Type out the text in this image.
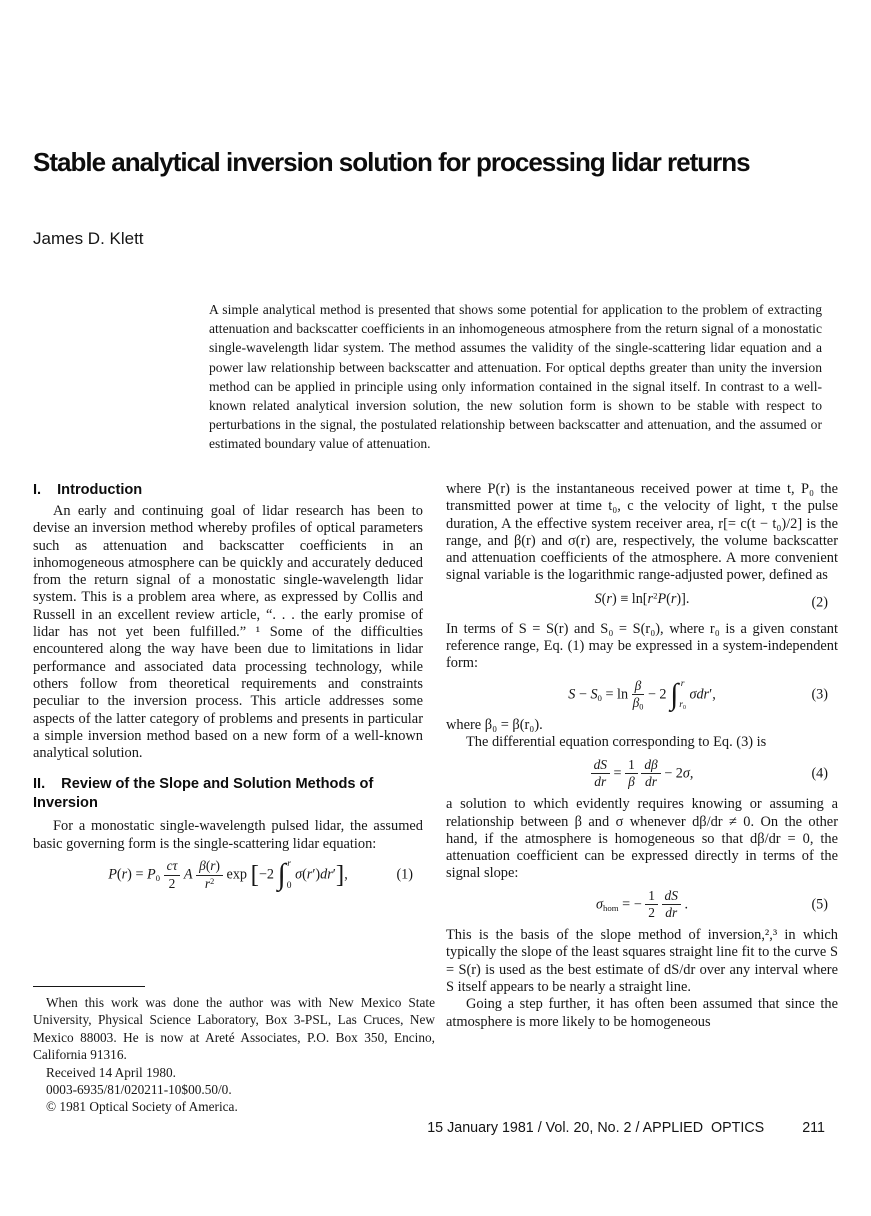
Stable analytical inversion solution for processing lidar returns
James D. Klett

A simple analytical method is presented that shows some potential for application to the problem of extracting attenuation and backscatter coefficients in an inhomogeneous atmosphere from the return signal of a monostatic single-wavelength lidar system. The method assumes the validity of the single-scattering lidar equation and a power law relationship between backscatter and attenuation. For optical depths greater than unity the inversion method can be applied in principle using only information contained in the signal itself. In contrast to a well-known related analytical inversion solution, the new solution form is shown to be stable with respect to perturbations in the signal, the postulated relationship between backscatter and attenuation, and the assumed or estimated boundary value of attenuation.

I. Introduction

An early and continuing goal of lidar research has been to devise an inversion method whereby profiles of optical parameters such as attenuation and backscatter coefficients in an inhomogeneous atmosphere can be quickly and accurately deduced from the return signal of a monostatic single-wavelength lidar system. This is a problem area where, as expressed by Collis and Russell in an excellent review article, “. . . the early promise of lidar has not yet been fulfilled.” ¹ Some of the difficulties encountered along the way have been due to limitations in lidar performance and associated data processing technology, while others follow from theoretical requirements and constraints peculiar to the inversion process. This article addresses some aspects of the latter category of problems and presents in particular a simple inversion method based on a new form of a well-known analytical solution.

II. Review of the Slope and Solution Methods of Inversion

For a monostatic single-wavelength pulsed lidar, the assumed basic governing form is the single-scattering lidar equation:

$P(r) = P_0 \frac{c\tau}{2}$ A $\frac{\beta(r)}{r^2}$ exp [−2 ∫ r
0
σ(r′)dr′],	(1)

When this work was done the author was with New Mexico State University, Physical Science Laboratory, Box 3-PSL, Las Cruces, New Mexico 88003. He is now at Areté Associates, P.O. Box 350, Encino, California 91316.

Received 14 April 1980.

0003-6935/81/020211-10$00.50/0.

© 1981 Optical Society of America.

where P(r) is the instantaneous received power at time t, P₀ the transmitted power at time t₀, c the velocity of light, τ the pulse duration, A the effective system receiver area, r[= c(t − t₀)/2] is the range, and β(r) and σ(r) are, respectively, the volume backscatter and attenuation coefficients of the atmosphere. A more convenient signal variable is the logarithmic range-adjusted power, defined as

$S(r) \equiv \ln[r^2P(r)]$.	(2)

In terms of S = S(r) and S₀ = S(r₀), where r₀ is a given constant reference range, Eq. (1) may be expressed in a system-independent form:

$S - S_0 = \ln \frac{\beta}{\beta_0} - 2$ ∫ r
$r_0$
σdr′,	(3)

where β₀ = β(r₀).

The differential equation corresponding to Eq. (3) is

$\frac{dS}{dr} = \frac{1}{\beta}$
$\frac{d\beta}{dr} - 2\sigma$,	(4)

a solution to which evidently requires knowing or assuming a relationship between β and σ whenever dβ/dr ≠ 0. On the other hand, if the atmosphere is homogeneous so that dβ/dr = 0, the attenuation coefficient can be expressed directly in terms of the signal slope:

$\sigma_{hom}$ = − $\frac{1}{2}$
$\frac{dS}{dr}$ .	(5)

This is the basis of the slope method of inversion,²,³ in which typically the slope of the least squares straight line fit to the curve S = S(r) is used as the best estimate of dS/dr over any interval where S itself appears to be nearly a straight line.

Going a step further, it has often been assumed that since the atmosphere is more likely to be homogeneous

15 January 1981 / Vol. 20, No. 2 / APPLIED  OPTICS	211
